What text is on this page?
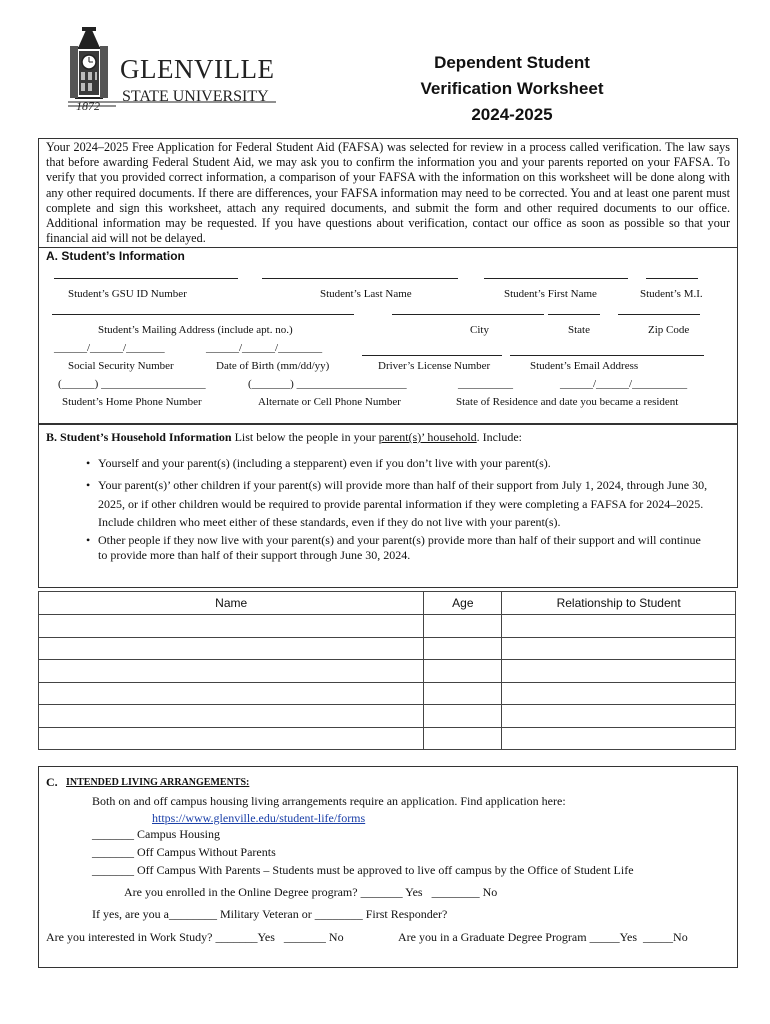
GLENVILLE
STATE UNIVERSITY
1872
Dependent Student
Verification Worksheet
2024-2025
Your 2024–2025 Free Application for Federal Student Aid (FAFSA) was selected for review in a process called verification. The law says that before awarding Federal Student Aid, we may ask you to confirm the information you and your parents reported on your FAFSA. To verify that you provided correct information, a comparison of your FAFSA with the information on this worksheet will be done along with any other required documents. If there are differences, your FAFSA information may need to be corrected. You and at least one parent must complete and sign this worksheet, attach any required documents, and submit the form and other required documents to our office. Additional information may be requested. If you have questions about verification, contact our office as soon as possible so that your financial aid will not be delayed.
A. Student’s Information
Student’s GSU ID Number	Student’s Last Name	Student’s First Name	Student’s M.I.
Student’s Mailing Address (include apt. no.)	City	State	Zip Code
______/______/_______	______/______/________
Social Security Number	Date of Birth (mm/dd/yy)	Driver’s License Number	Student’s Email Address
(______) ___________________	(_______) ____________________	__________	______/______/__________
Student’s Home Phone Number	Alternate or Cell Phone Number	State of Residence and date you became a resident
B. Student’s Household Information List below the people in your parent(s)’ household. Include:
• Yourself and your parent(s) (including a stepparent) even if you don’t live with your parent(s).
• Your parent(s)’ other children if your parent(s) will provide more than half of their support from July 1, 2024, through June 30, 2025, or if other children would be required to provide parental information if they were completing a FAFSA for 2024–2025. Include children who meet either of these standards, even if they do not live with your parent(s).
• Other people if they now live with your parent(s) and your parent(s) provide more than half of their support and will continue to provide more than half of their support through June 30, 2024.
Name	Age	Relationship to Student

C. INTENDED LIVING ARRANGEMENTS:
Both on and off campus housing living arrangements require an application. Find application here:
https://www.glenville.edu/student-life/forms
_______ Campus Housing
_______ Off Campus Without Parents
_______ Off Campus With Parents – Students must be approved to live off campus by the Office of Student Life
Are you enrolled in the Online Degree program? _______ Yes   ________ No
If yes, are you a________ Military Veteran or ________ First Responder?
Are you interested in Work Study? _______Yes   _______ No	Are you in a Graduate Degree Program _____Yes  _____No
